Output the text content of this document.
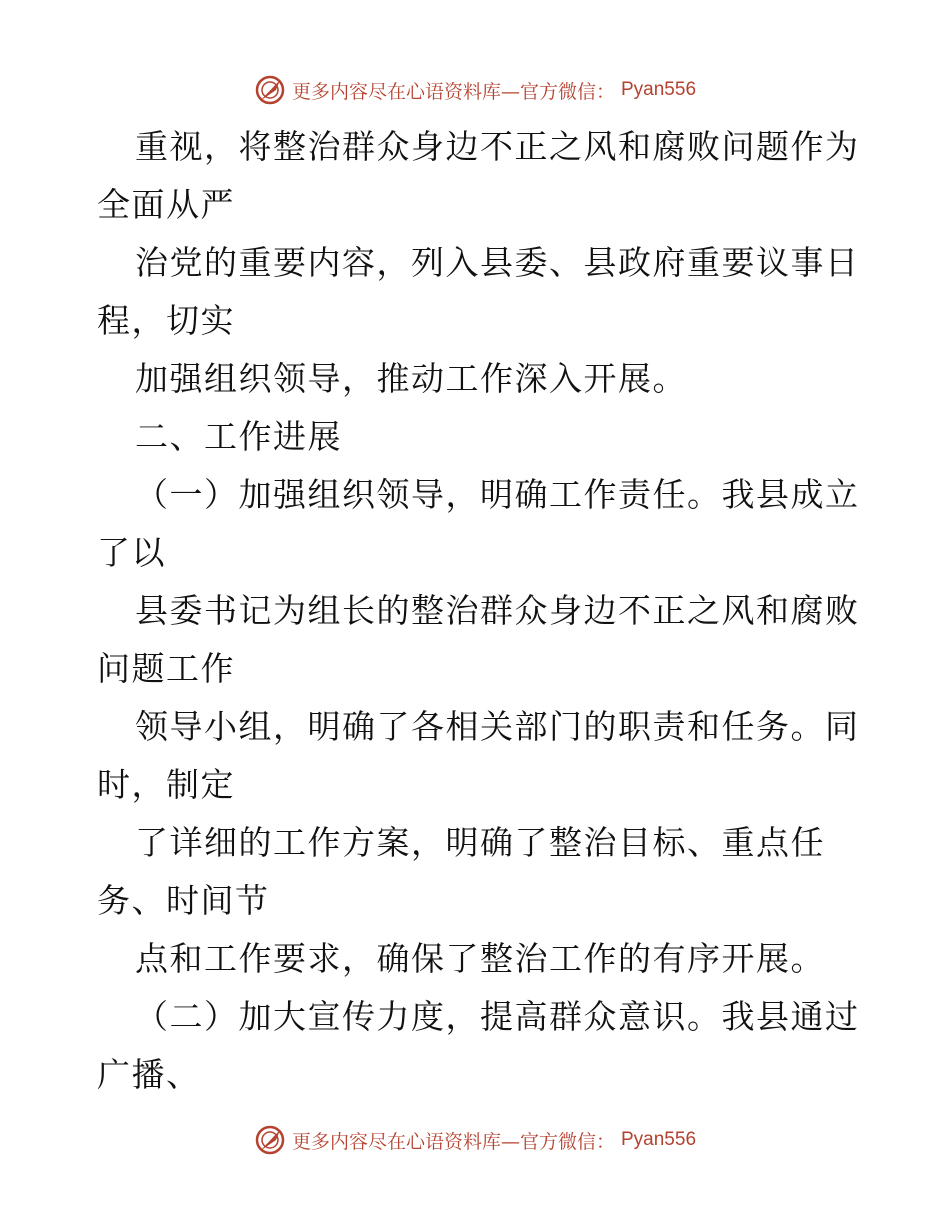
更多内容尽在心语资料库—官方微信： Pyan556
重视，将整治群众身边不正之风和腐败问题作为
全面从严
治党的重要内容，列入县委、县政府重要议事日
程，切实
加强组织领导，推动工作深入开展。
二、工作进展
（一）加强组织领导，明确工作责任。我县成立
了以
县委书记为组长的整治群众身边不正之风和腐败
问题工作
领导小组，明确了各相关部门的职责和任务。同
时，制定
了详细的工作方案，明确了整治目标、重点任
务、时间节
点和工作要求，确保了整治工作的有序开展。
（二）加大宣传力度，提高群众意识。我县通过
广播、
更多内容尽在心语资料库—官方微信： Pyan556
